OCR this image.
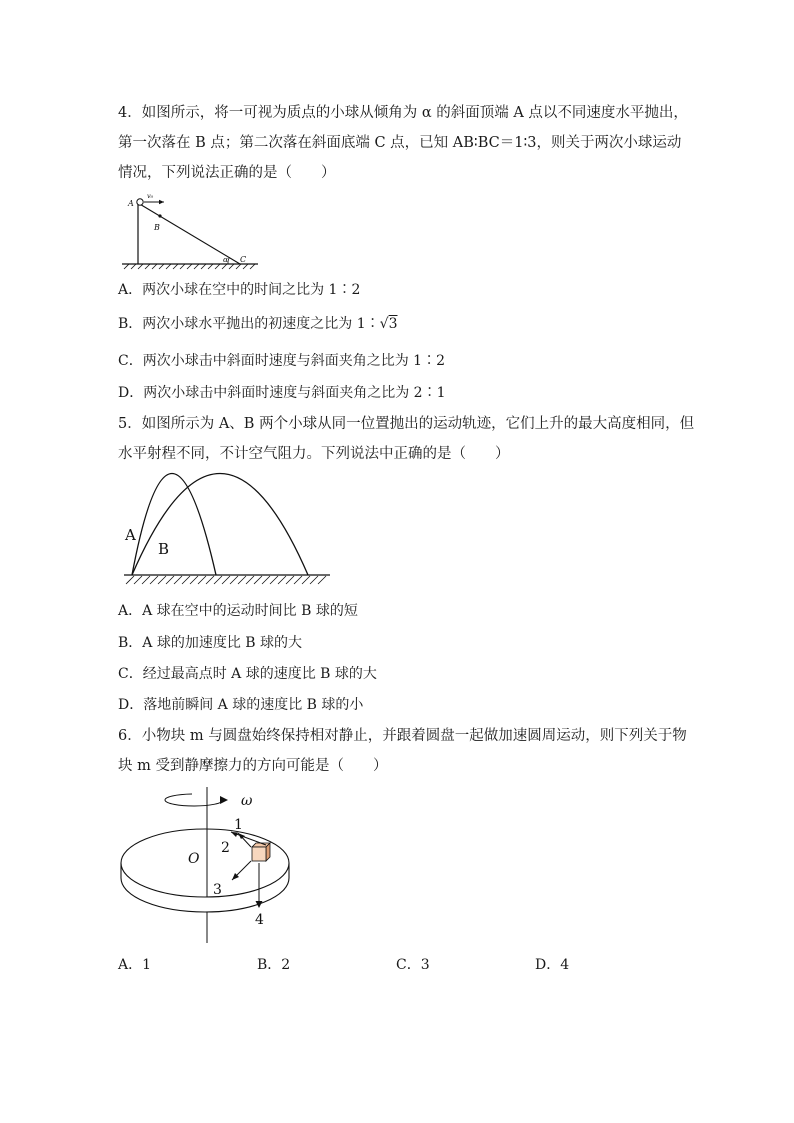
4．如图所示，将一可视为质点的小球从倾角为 α 的斜面顶端 A 点以不同速度水平抛出，
第一次落在 B 点；第二次落在斜面底端 C 点，已知 AB∶BC＝1∶3，则关于两次小球运动
情况，下列说法正确的是（　　）
A
v₀
B
α C
A．两次小球在空中的时间之比为 1∶2
B．两次小球水平抛出的初速度之比为 1∶√3
C．两次小球击中斜面时速度与斜面夹角之比为 1∶2
D．两次小球击中斜面时速度与斜面夹角之比为 2∶1
5．如图所示为 A、B 两个小球从同一位置抛出的运动轨迹，它们上升的最大高度相同，但
水平射程不同，不计空气阻力。下列说法中正确的是（　　）
A
B
A．A 球在空中的运动时间比 B 球的短
B．A 球的加速度比 B 球的大
C．经过最高点时 A 球的速度比 B 球的大
D．落地前瞬间 A 球的速度比 B 球的小
6．小物块 m 与圆盘始终保持相对静止，并跟着圆盘一起做加速圆周运动，则下列关于物
块 m 受到静摩擦力的方向可能是（　　）
ω
1
2
O
3
4
A．1	B．2	C．3	D．4
